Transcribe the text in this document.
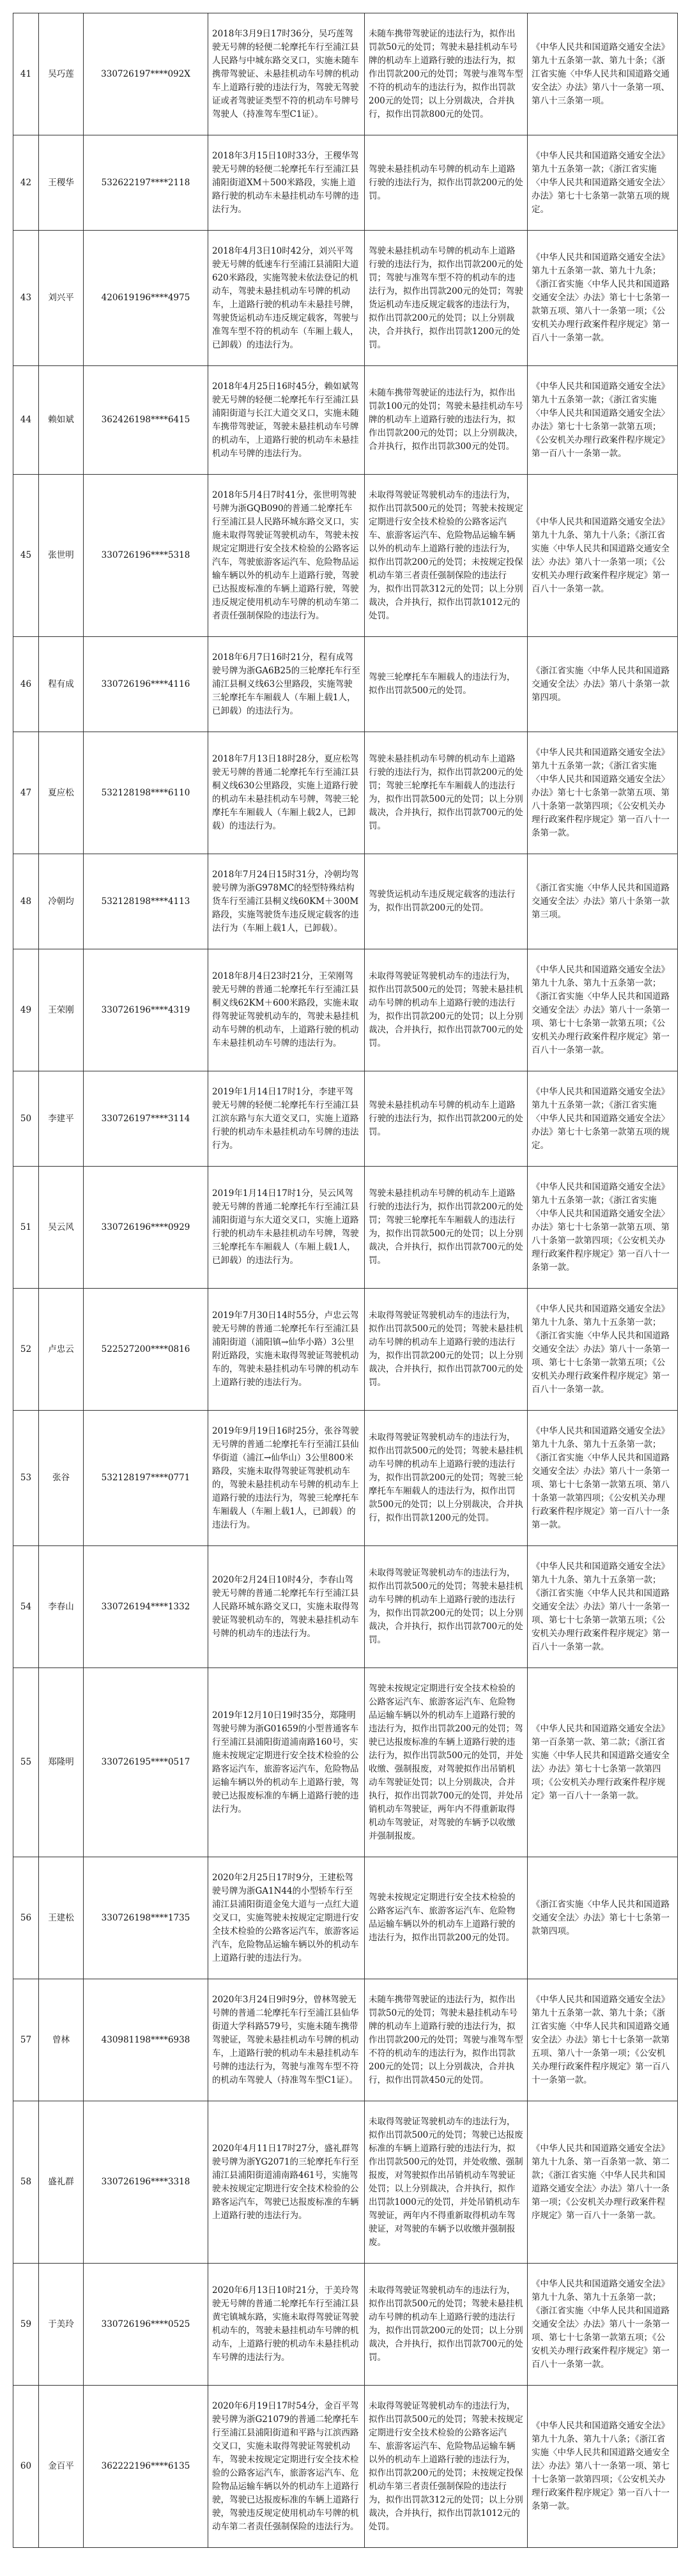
41	吴巧莲	330726197****092X	2018年3月9日17时36分，吴巧莲驾驶无号牌的轻便二轮摩托车行至浦江县人民路与中城东路交叉口，实施未随车携带驾驶证、未悬挂机动车号牌的机动车上道路行驶的违法行为，驾驶无驾驶证或者驾驶证类型不符的机动车号牌号驾驶人（持准驾车型C1证）。	未随车携带驾驶证的违法行为，拟作出罚款50元的处罚；驾驶未悬挂机动车号牌的机动车上道路行驶的违法行为，拟作出罚款200元的处罚；驾驶与准驾车型不符的机动车的违法行为，拟作出罚款200元的处罚；以上分别裁决，合并执行，拟作出罚款800元的处罚。	《中华人民共和国道路交通安全法》第九十五条第一款、第九十条；《浙江省实施〈中华人民共和国道路交通安全法〉办法》第八十一条第一项、第八十三条第一项。
42	王稷华	532622197****2118	2018年3月15日10时33分，王稷华驾驶无号牌的轻便二轮摩托车行至浦江县浦阳街道XM＋500米路段，实施上道路行驶的机动车未悬挂机动车号牌的违法行为。	驾驶未悬挂机动车号牌的机动车上道路行驶的违法行为，拟作出罚款200元的处罚。	《中华人民共和国道路交通安全法》第九十五条第一款；《浙江省实施〈中华人民共和国道路交通安全法〉办法》第七十七条第一款第五项的规定。
43	刘兴平	420619196****4975	2018年4月3日10时42分，刘兴平驾驶无号牌的低速车行至浦江县浦阳大道620米路段，实施驾驶未依法登记的机动车，驾驶未悬挂机动车号牌的机动车，上道路行驶的机动车未悬挂号牌，驾驶货运机动车违反规定载客，驾驶与准驾车型不符的机动车（车厢上载人，已卸载）的违法行为。	驾驶未悬挂机动车号牌的机动车上道路行驶的违法行为，拟作出罚款200元的处罚；驾驶与准驾车型不符的机动车的违法行为，拟作出罚款200元的处罚；驾驶货运机动车违反规定载客的违法行为，拟作出罚款200元的处罚；以上分别裁决，合并执行，拟作出罚款1200元的处罚。	《中华人民共和国道路交通安全法》第九十五条第一款、第九十九条；《浙江省实施〈中华人民共和国道路交通安全法〉办法》第七十七条第一款第五项、第八十一条第一项；《公安机关办理行政案件程序规定》第一百八十一条第一款。
44	赖如斌	362426198****6415	2018年4月25日16时45分，赖如斌驾驶无号牌的轻便二轮摩托车行至浦江县浦阳街道与长江大道交叉口，实施未随车携带驾驶证，驾驶未悬挂机动车号牌的机动车，上道路行驶的机动车未悬挂机动车号牌的违法行为。	未随车携带驾驶证的违法行为，拟作出罚款100元的处罚；驾驶未悬挂机动车号牌的机动车上道路行驶的违法行为，拟作出罚款200元的处罚；以上分别裁决，合并执行，拟作出罚款300元的处罚。	《中华人民共和国道路交通安全法》第九十五条第一款；《浙江省实施〈中华人民共和国道路交通安全法〉办法》第七十七条第一款第五项；《公安机关办理行政案件程序规定》第一百八十一条第一款。
45	张世明	330726196****5318	2018年5月4日7时41分，张世明驾驶号牌为浙GQB090的普通二轮摩托车行至浦江县人民路环城东路交叉口，实施未取得驾驶证驾驶机动车，驾驶未按规定定期进行安全技术检验的公路客运汽车，驾驶旅游客运汽车、危险物品运输车辆以外的机动车上道路行驶，驾驶已达报废标准的车辆上道路行驶，驾驶违反规定使用机动车号牌的机动车第二者责任强制保险的违法行为。	未取得驾驶证驾驶机动车的违法行为，拟作出罚款500元的处罚；驾驶未按规定定期进行安全技术检验的公路客运汽车、旅游客运汽车、危险物品运输车辆以外的机动车上道路行驶的违法行为，拟作出罚款200元的处罚；未按规定投保机动车第三者责任强制保险的违法行为，拟作出罚款312元的处罚；以上分别裁决，合并执行，拟作出罚款1012元的处罚。	《中华人民共和国道路交通安全法》第九十九条、第九十八条；《浙江省实施〈中华人民共和国道路交通安全法〉办法》第八十一条第一项；《公安机关办理行政案件程序规定》第一百八十一条第一款。
46	程有成	330726196****4116	2018年6月7日16时21分，程有成驾驶号牌为浙GA6B25的三轮摩托车行至浦江县桐义线63公里路段，实施驾驶三轮摩托车车厢载人（车厢上载1人，已卸载）的违法行为。	驾驶三轮摩托车车厢载人的违法行为，拟作出罚款500元的处罚。	《浙江省实施〈中华人民共和国道路交通安全法〉办法》第八十条第一款第四项。
47	夏应松	532128198****6110	2018年7月13日18时28分，夏应松驾驶无号牌的普通二轮摩托车行至浦江县桐义线630公里路段，实施上道路行驶的机动车未悬挂机动车号牌，驾驶三轮摩托车车厢载人（车厢上载2人，已卸载）的违法行为。	驾驶未悬挂机动车号牌的机动车上道路行驶的违法行为，拟作出罚款200元的处罚；驾驶三轮摩托车车厢载人的违法行为，拟作出罚款500元的处罚；以上分别裁决，合并执行，拟作出罚款700元的处罚。	《中华人民共和国道路交通安全法》第九十五条第一款；《浙江省实施〈中华人民共和国道路交通安全法〉办法》第七十七条第一款第五项、第八十条第一款第四项；《公安机关办理行政案件程序规定》第一百八十一条第一款。
48	冷朝均	532128198****4113	2018年7月24日15时31分，冷朝均驾驶号牌为浙G978MC的轻型特殊结构货车行至浦江县桐义线60KM＋300M路段，实施驾驶货车违反规定载客的违法行为（车厢上载1人，已卸载）。	驾驶货运机动车违反规定载客的违法行为，拟作出罚款200元的处罚。	《浙江省实施〈中华人民共和国道路交通安全法〉办法》第八十条第一款第三项。
49	王荣刚	330726196****4319	2018年8月4日23时21分，王荣刚驾驶无号牌的普通二轮摩托车行至浦江县桐义线62KM＋600米路段，实施未取得驾驶证驾驶机动车的，驾驶未悬挂机动车号牌的机动车，上道路行驶的机动车未悬挂机动车号牌的违法行为。	未取得驾驶证驾驶机动车的违法行为，拟作出罚款500元的处罚；驾驶未悬挂机动车号牌的机动车上道路行驶的违法行为，拟作出罚款200元的处罚；以上分别裁决，合并执行，拟作出罚款700元的处罚。	《中华人民共和国道路交通安全法》第九十九条、第九十五条第一款；《浙江省实施〈中华人民共和国道路交通安全法〉办法》第八十一条第一项、第七十七条第一款第五项；《公安机关办理行政案件程序规定》第一百八十一条第一款。
50	李建平	330726197****3114	2019年1月14日17时1分，李建平驾驶无号牌的轻便二轮摩托车行至浦江县江滨东路与东大道交叉口，实施上道路行驶的机动车未悬挂机动车号牌的违法行为。	驾驶未悬挂机动车号牌的机动车上道路行驶的违法行为，拟作出罚款200元的处罚。	《中华人民共和国道路交通安全法》第九十五条第一款；《浙江省实施〈中华人民共和国道路交通安全法〉办法》第七十七条第一款第五项的规定。
51	吴云风	330726196****0929	2019年1月14日17时1分，吴云风驾驶无号牌的普通二轮摩托车行至浦江县浦阳街道与东大道交叉口，实施上道路行驶的机动车未悬挂机动车号牌，驾驶三轮摩托车车厢载人（车厢上载1人，已卸载）的违法行为。	驾驶未悬挂机动车号牌的机动车上道路行驶的违法行为，拟作出罚款200元的处罚；驾驶三轮摩托车车厢载人的违法行为，拟作出罚款500元的处罚；以上分别裁决，合并执行，拟作出罚款700元的处罚。	《中华人民共和国道路交通安全法》第九十五条第一款；《浙江省实施〈中华人民共和国道路交通安全法〉办法》第七十七条第一款第五项、第八十条第一款第四项；《公安机关办理行政案件程序规定》第一百八十一条第一款。
52	卢忠云	522527200****0816	2019年7月30日14时55分，卢忠云驾驶无号牌的普通二轮摩托车行至浦江县浦阳街道（浦阳镇→仙华小路）3公里附近路段，实施未取得驾驶证驾驶机动车的，驾驶未悬挂机动车号牌的机动车上道路行驶的违法行为。	未取得驾驶证驾驶机动车的违法行为，拟作出罚款500元的处罚；驾驶未悬挂机动车号牌的机动车上道路行驶的违法行为，拟作出罚款200元的处罚；以上分别裁决，合并执行，拟作出罚款700元的处罚。	《中华人民共和国道路交通安全法》第九十九条、第九十五条第一款；《浙江省实施〈中华人民共和国道路交通安全法〉办法》第八十一条第一项、第七十七条第一款第五项；《公安机关办理行政案件程序规定》第一百八十一条第一款。
53	张谷	532128197****0771	2019年9月19日16时25分，张谷驾驶无号牌的普通二轮摩托车行至浦江县仙华街道（浦江→仙华山）3公里800米路段，实施未取得驾驶证驾驶机动车的，驾驶未悬挂机动车号牌的机动车上道路行驶的违法行为，驾驶三轮摩托车车厢载人（车厢上载1人，已卸载）的违法行为。	未取得驾驶证驾驶机动车的违法行为，拟作出罚款500元的处罚；驾驶未悬挂机动车号牌的机动车上道路行驶的违法行为，拟作出罚款200元的处罚；驾驶三轮摩托车车厢载人的违法行为，拟作出罚款500元的处罚；以上分别裁决，合并执行，拟作出罚款1200元的处罚。	《中华人民共和国道路交通安全法》第九十九条、第九十五条第一款；《浙江省实施〈中华人民共和国道路交通安全法〉办法》第八十一条第一项、第七十七条第一款第五项、第八十条第一款第四项；《公安机关办理行政案件程序规定》第一百八十一条第一款。
54	李春山	330726194****1332	2020年2月24日10时4分，李春山驾驶无号牌的普通二轮摩托车行至浦江县人民路环城东路交叉口，实施未取得驾驶证驾驶机动车的，驾驶未悬挂机动车号牌的机动车的违法行为。	未取得驾驶证驾驶机动车的违法行为，拟作出罚款500元的处罚；驾驶未悬挂机动车号牌的机动车上道路行驶的违法行为，拟作出罚款200元的处罚；以上分别裁决，合并执行，拟作出罚款700元的处罚。	《中华人民共和国道路交通安全法》第九十九条、第九十五条第一款；《浙江省实施〈中华人民共和国道路交通安全法〉办法》第八十一条第一项、第七十七条第一款第五项；《公安机关办理行政案件程序规定》第一百八十一条第一款。
55	郑隆明	330726195****0517	2019年12月10日19时35分，郑隆明驾驶号牌为浙G01659的小型普通客车行至浦江县浦阳街道浦南路160号，实施未按规定定期进行安全技术检验的公路客运汽车，旅游客运汽车，危险物品运输车辆以外的机动车上道路行驶，驾驶已达报废标准的车辆上道路行驶的违法行为。	驾驶未按规定定期进行安全技术检验的公路客运汽车、旅游客运汽车、危险物品运输车辆以外的机动车上道路行驶的违法行为，拟作出罚款200元的处罚；驾驶已达报废标准的车辆上道路行驶的违法行为，拟作出罚款500元的处罚，并处收缴、强制报废，对驾驶拟作出吊销机动车驾驶证处罚；以上分别裁决，合并执行，拟作出罚款700元的处罚，并处吊销机动车驾驶证，两年内不得重新取得机动车驾驶证，对驾驶的车辆予以收缴并强制报废。	《中华人民共和国道路交通安全法》第一百条第一款、第二款；《浙江省实施〈中华人民共和国道路交通安全法〉办法》第七十七条第一款第四项；《公安机关办理行政案件程序规定》第一百八十一条第一款。
56	王建松	330726198****1735	2020年2月25日17时9分，王建松驾驶号牌为浙GA1N44的小型轿车行至浦江县浦阳街道金兔大道与一点红大道交叉口，实施驾驶未按规定定期进行安全技术检验的公路客运汽车，旅游客运汽车，危险物品运输车辆以外的机动车上道路行驶的违法行为。	驾驶未按规定定期进行安全技术检验的公路客运汽车、旅游客运汽车、危险物品运输车辆以外的机动车上道路行驶的违法行为，拟作出罚款200元的处罚。	《浙江省实施〈中华人民共和国道路交通安全法〉办法》第七十七条第一款第四项。
57	曾林	430981198****6938	2020年3月24日9时9分，曾林驾驶无号牌的普通二轮摩托车行至浦江县仙华街道大学科路579号，实施未随车携带驾驶证，驾驶未悬挂机动车号牌的机动车，上道路行驶的机动车未悬挂机动车号牌的违法行为，驾驶与准驾车型不符的机动车驾驶人（持准驾车型C1证）。	未随车携带驾驶证的违法行为，拟作出罚款50元的处罚；驾驶未悬挂机动车号牌的机动车上道路行驶的违法行为，拟作出罚款200元的处罚；驾驶与准驾车型不符的机动车的违法行为，拟作出罚款200元的处罚；以上分别裁决，合并执行，拟作出罚款450元的处罚。	《中华人民共和国道路交通安全法》第九十五条第一款、第九十条；《浙江省实施〈中华人民共和国道路交通安全法〉办法》第七十七条第一款第五项、第八十一条第一项；《公安机关办理行政案件程序规定》第一百八十一条第一款。
58	盛礼群	330726196****3318	2020年4月11日17时27分，盛礼群驾驶号牌为浙YG2071的三轮摩托车行至浦江县浦阳街道浦南路461号，实施驾驶未按规定定期进行安全技术检验的公路客运汽车，驾驶已达报废标准的车辆上道路行驶的违法行为。	未取得驾驶证驾驶机动车的违法行为，拟作出罚款500元的处罚；驾驶已达报废标准的车辆上道路行驶的违法行为，拟作出罚款500元的处罚，并处收缴、强制报废，对驾驶拟作出吊销机动车驾驶证处罚；以上分别裁决，合并执行，拟作出罚款1000元的处罚，并处吊销机动车驾驶证，两年内不得重新取得机动车驾驶证，对驾驶的车辆予以收缴并强制报废。	《中华人民共和国道路交通安全法》第九十九条、第一百条第一款、第二款；《浙江省实施〈中华人民共和国道路交通安全法〉办法》第八十一条第一项；《公安机关办理行政案件程序规定》第一百八十一条第一款。
59	于美玲	330726196****0525	2020年6月13日10时21分，于美玲驾驶无号牌的普通二轮摩托车行至浦江县黄宅镇城东路，实施未取得驾驶证驾驶机动车的，驾驶未悬挂机动车号牌的机动车，上道路行驶的机动车未悬挂机动车号牌的违法行为。	未取得驾驶证驾驶机动车的违法行为，拟作出罚款500元的处罚；驾驶未悬挂机动车号牌的机动车上道路行驶的违法行为，拟作出罚款200元的处罚；以上分别裁决，合并执行，拟作出罚款700元的处罚。	《中华人民共和国道路交通安全法》第九十九条、第九十五条第一款；《浙江省实施〈中华人民共和国道路交通安全法〉办法》第八十一条第一项、第七十七条第一款第五项；《公安机关办理行政案件程序规定》第一百八十一条第一款。
60	金百平	362222196****6135	2020年6月19日17时54分，金百平驾驶号牌为浙G21079的普通二轮摩托车行至浦江县浦阳街道和平路与江滨西路交叉口，实施未取得驾驶证驾驶机动车，驾驶未按规定定期进行安全技术检验的公路客运汽车，旅游客运汽车、危险物品运输车辆以外的机动车上道路行驶，驾驶已达报废标准的车辆上道路行驶，驾驶违反规定使用机动车号牌的机动车第二者责任强制保险的违法行为。	未取得驾驶证驾驶机动车的违法行为，拟作出罚款500元的处罚；驾驶未按规定定期进行安全技术检验的公路客运汽车、旅游客运汽车、危险物品运输车辆以外的机动车上道路行驶的违法行为，拟作出罚款200元的处罚；未按规定投保机动车第三者责任强制保险的违法行为，拟作出罚款312元的处罚；以上分别裁决，合并执行，拟作出罚款1012元的处罚。	《中华人民共和国道路交通安全法》第九十九条、第九十八条；《浙江省实施〈中华人民共和国道路交通安全法〉办法》第八十一条第一项、第七十七条第一款第四项；《公安机关办理行政案件程序规定》第一百八十一条第一款。
